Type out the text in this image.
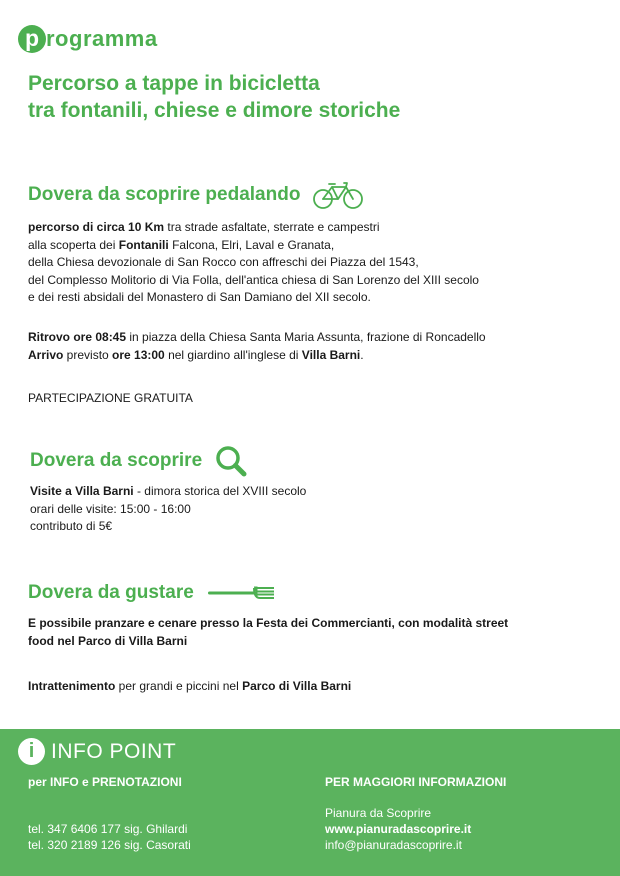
p rogramma
Percorso a tappe in bicicletta
tra fontanili, chiese e dimore storiche
Dovera da scoprire pedalando

percorso di circa 10 Km tra strade asfaltate, sterrate e campestri

alla scoperta dei Fontanili Falcona, Elri, Laval e Granata,

della Chiesa devozionale di San Rocco con affreschi dei Piazza del 1543,

del Complesso Molitorio di Via Folla, dell'antica chiesa di San Lorenzo del XIII secolo

e dei resti absidali del Monastero di San Damiano del XII secolo.

Ritrovo ore 08:45 in piazza della Chiesa Santa Maria Assunta, frazione di Roncadello

Arrivo previsto ore 13:00 nel giardino all'inglese di Villa Barni.

PARTECIPAZIONE GRATUITA

Dovera da scoprire

Visite a Villa Barni - dimora storica del XVIII secolo

orari delle visite: 15:00 - 16:00

contributo di 5€

Dovera da gustare

E possibile pranzare e cenare presso la Festa dei Commercianti, con modalità street

food nel Parco di Villa Barni

Intrattenimento per grandi e piccini nel Parco di Villa Barni

i INFO POINT
per INFO e PRENOTAZIONI
tel. 347 6406 177 sig. Ghilardi
tel. 320 2189 126 sig. Casorati
PER MAGGIORI INFORMAZIONI
Pianura da Scoprire
www.pianuradascoprire.it
info@pianuradascoprire.it
